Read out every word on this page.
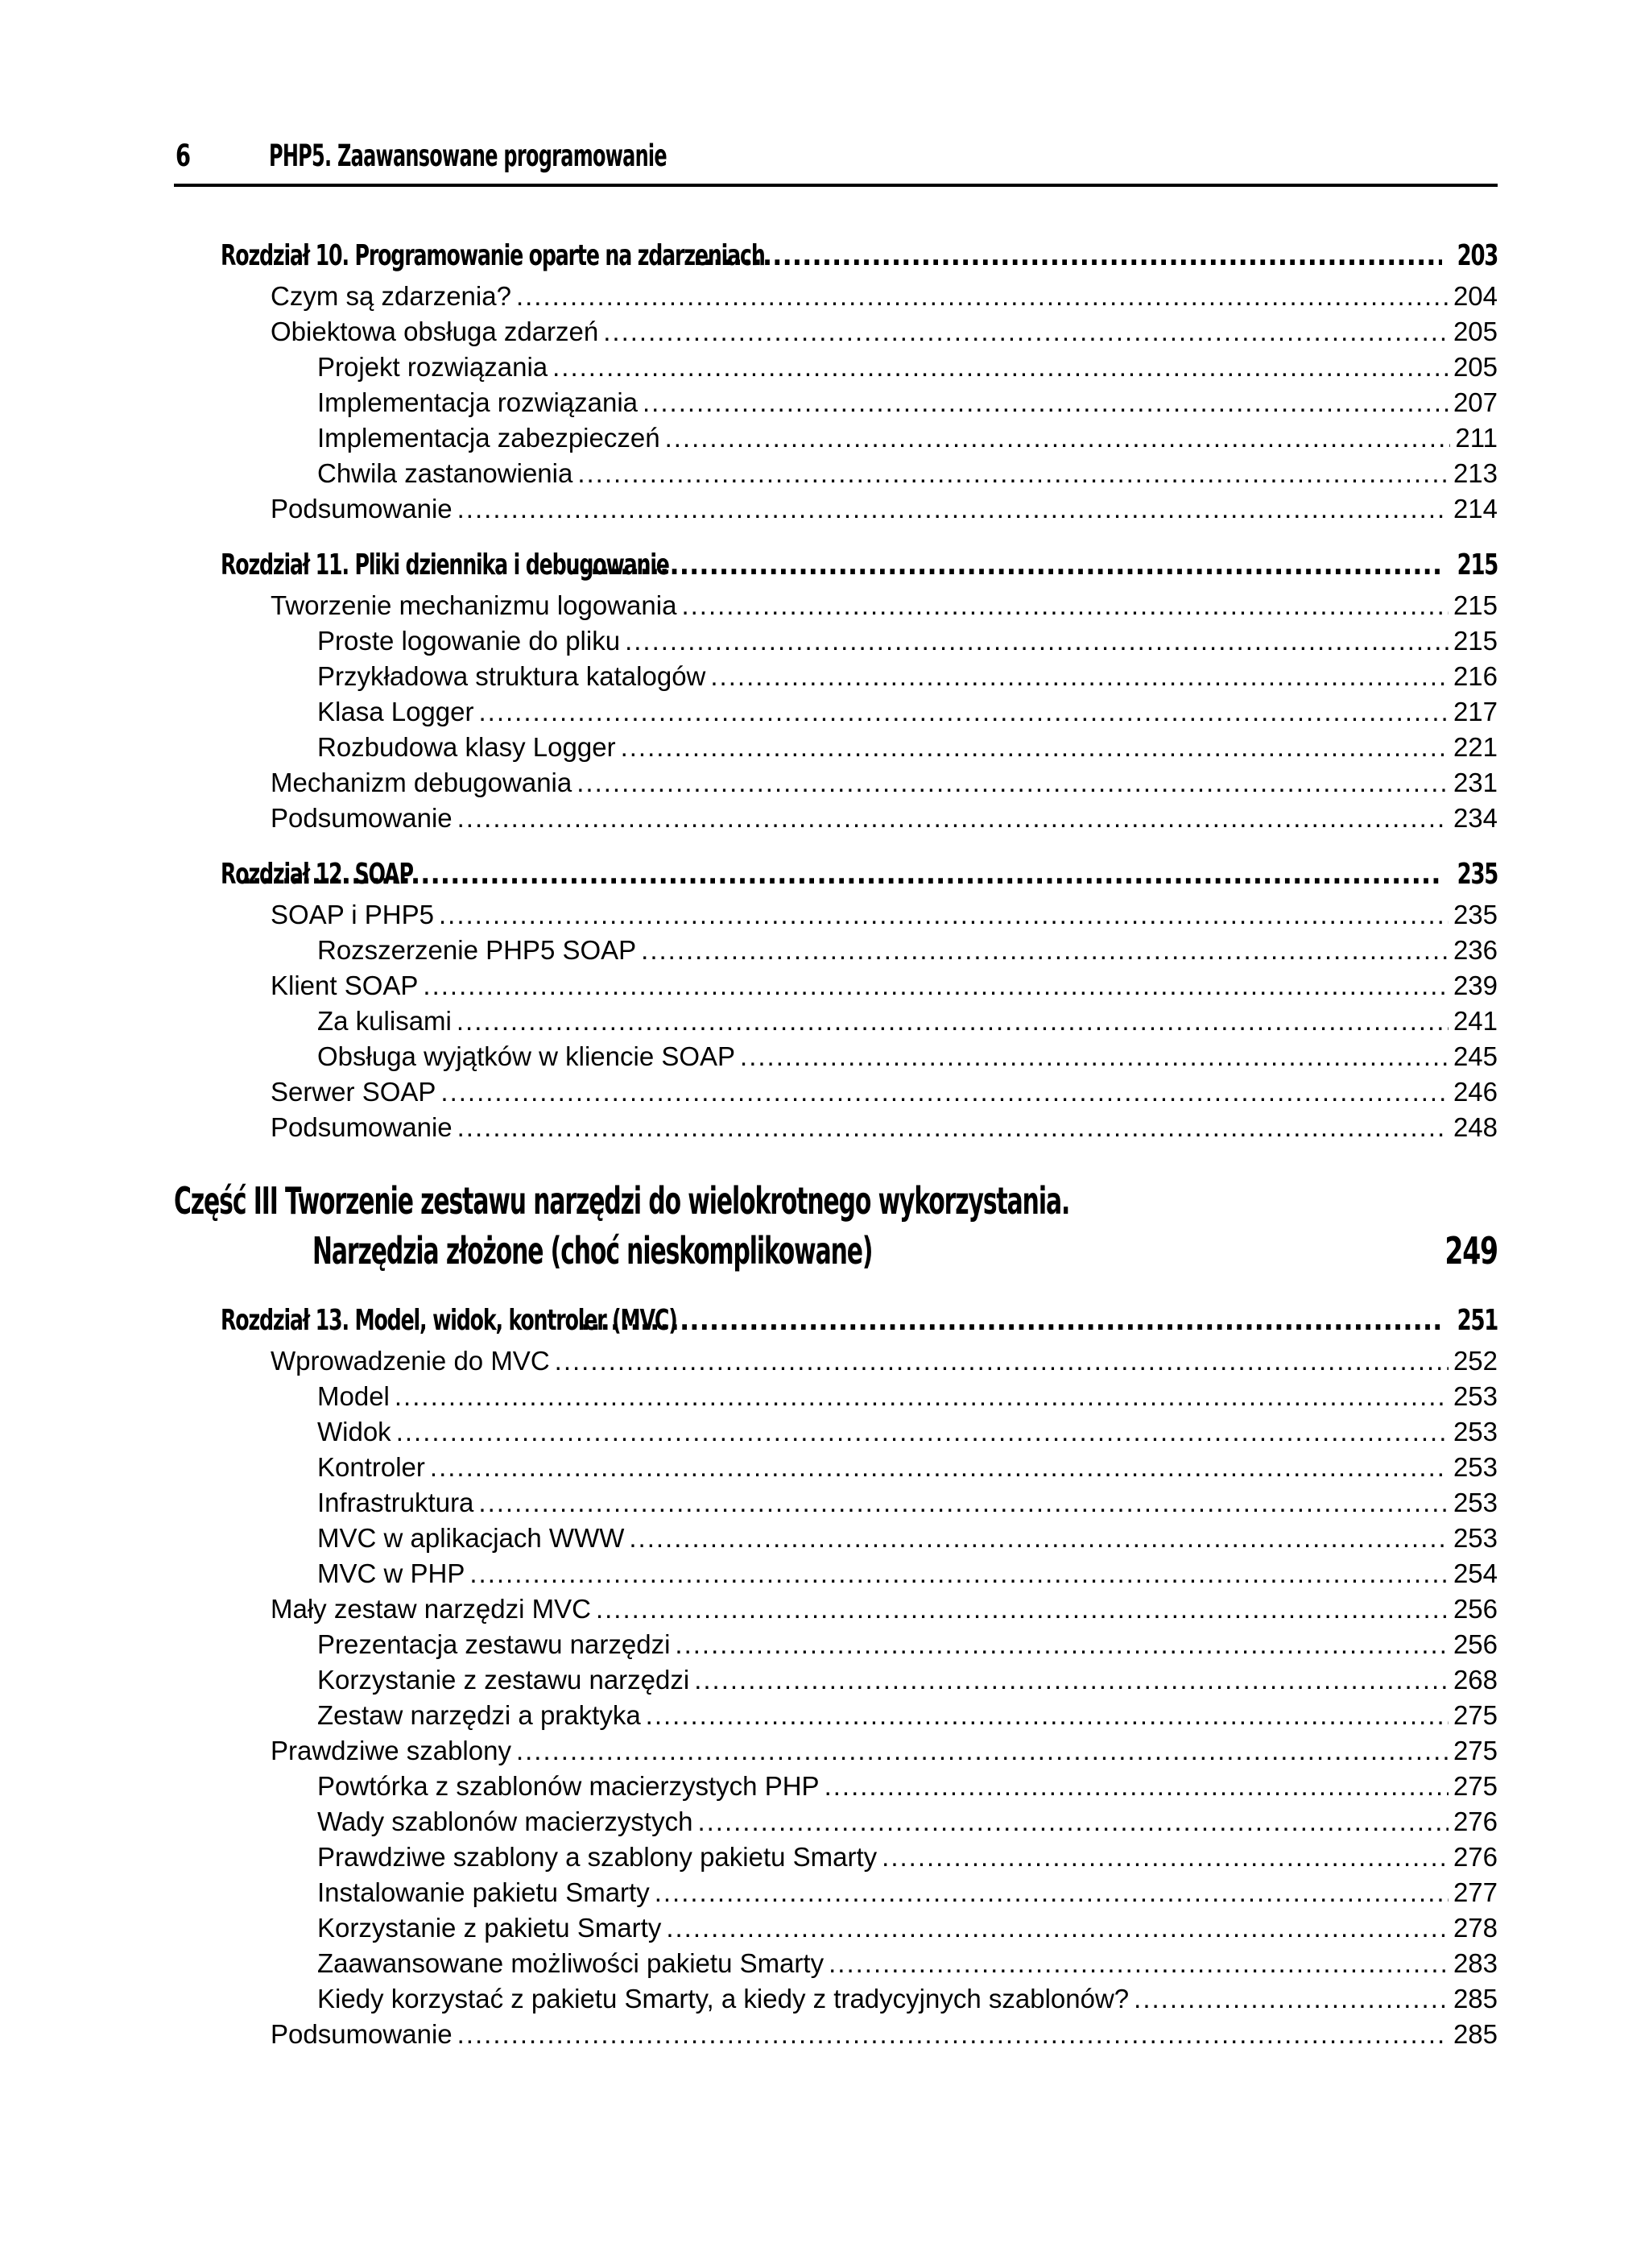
6	PHP5. Zaawansowane programowanie
Rozdział 10. Programowanie oparte na zdarzeniach .....	203
Czym są zdarzenia? .....	204
Obiektowa obsługa zdarzeń .....	205
Projekt rozwiązania .....	205
Implementacja rozwiązania .....	207
Implementacja zabezpieczeń .....	211
Chwila zastanowienia .....	213
Podsumowanie .....	214
Rozdział 11. Pliki dziennika i debugowanie .....	215
Tworzenie mechanizmu logowania .....	215
Proste logowanie do pliku .....	215
Przykładowa struktura katalogów .....	216
Klasa Logger .....	217
Rozbudowa klasy Logger .....	221
Mechanizm debugowania .....	231
Podsumowanie .....	234
Rozdział 12. SOAP .....	235
SOAP i PHP5 .....	235
Rozszerzenie PHP5 SOAP .....	236
Klient SOAP .....	239
Za kulisami .....	241
Obsługa wyjątków w kliencie SOAP .....	245
Serwer SOAP .....	246
Podsumowanie .....	248
Część III Tworzenie zestawu narzędzi do wielokrotnego wykorzystania.
Narzędzia złożone (choć nieskomplikowane)	249
Rozdział 13. Model, widok, kontroler (MVC) .....	251
Wprowadzenie do MVC .....	252
Model .....	253
Widok .....	253
Kontroler .....	253
Infrastruktura .....	253
MVC w aplikacjach WWW .....	253
MVC w PHP .....	254
Mały zestaw narzędzi MVC .....	256
Prezentacja zestawu narzędzi .....	256
Korzystanie z zestawu narzędzi .....	268
Zestaw narzędzi a praktyka .....	275
Prawdziwe szablony .....	275
Powtórka z szablonów macierzystych PHP .....	275
Wady szablonów macierzystych .....	276
Prawdziwe szablony a szablony pakietu Smarty .....	276
Instalowanie pakietu Smarty .....	277
Korzystanie z pakietu Smarty .....	278
Zaawansowane możliwości pakietu Smarty .....	283
Kiedy korzystać z pakietu Smarty, a kiedy z tradycyjnych szablonów? .....	285
Podsumowanie .....	285
